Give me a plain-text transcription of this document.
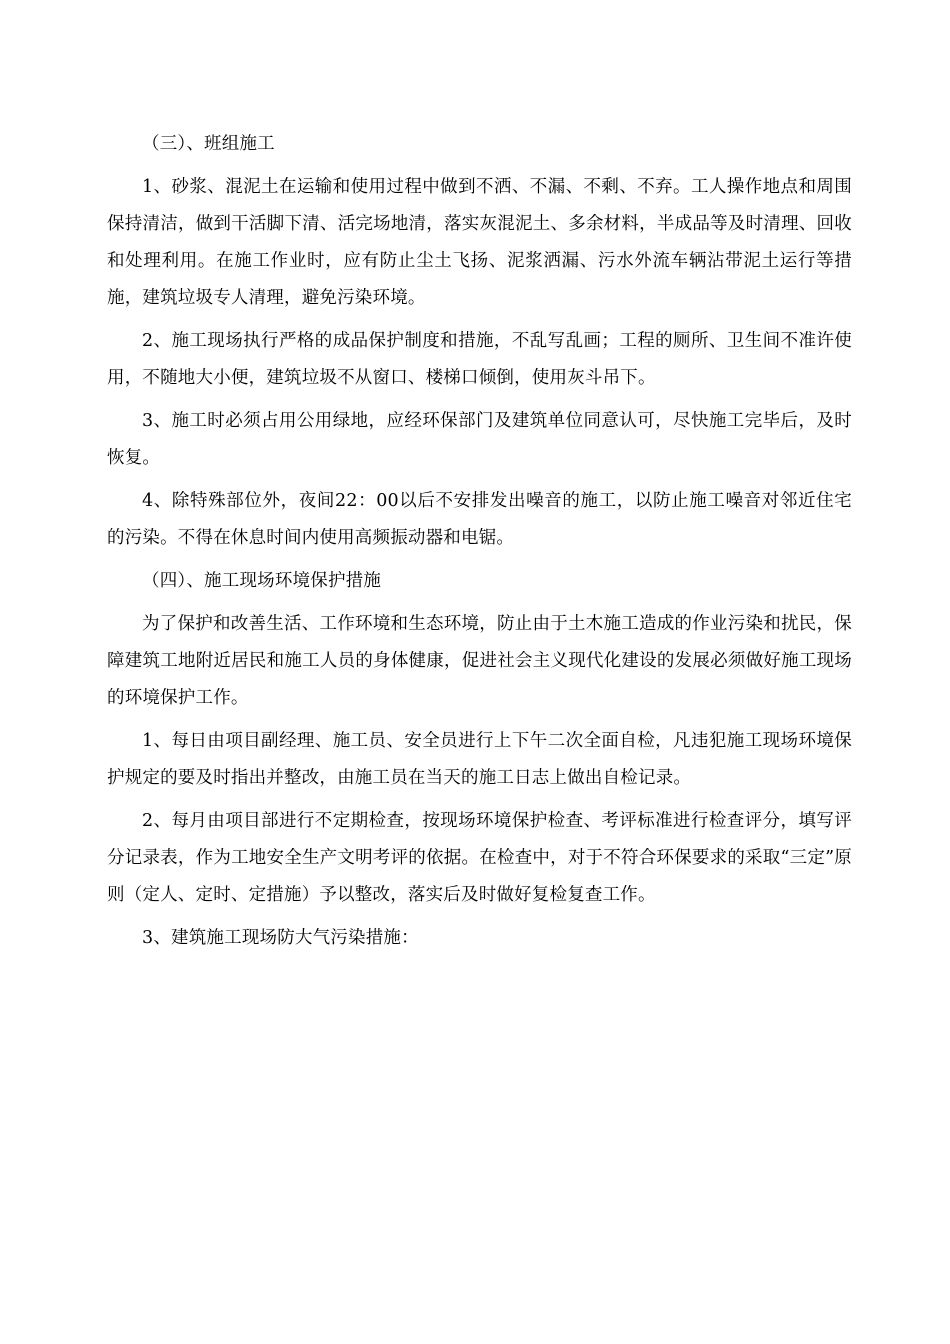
（三）、班组施工

1、砂浆、混泥土在运输和使用过程中做到不洒、不漏、不剩、不弃。工人操作地点和周围保持清洁，做到干活脚下清、活完场地清，落实灰混泥土、多余材料，半成品等及时清理、回收和处理利用。在施工作业时，应有防止尘土飞扬、泥浆洒漏、污水外流车辆沾带泥土运行等措施，建筑垃圾专人清理，避免污染环境。

2、施工现场执行严格的成品保护制度和措施，不乱写乱画；工程的厕所、卫生间不准许使用，不随地大小便，建筑垃圾不从窗口、楼梯口倾倒，使用灰斗吊下。

3、施工时必须占用公用绿地，应经环保部门及建筑单位同意认可，尽快施工完毕后，及时恢复。

4、除特殊部位外，夜间22：00以后不安排发出噪音的施工，以防止施工噪音对邻近住宅的污染。不得在休息时间内使用高频振动器和电锯。

（四）、施工现场环境保护措施

为了保护和改善生活、工作环境和生态环境，防止由于土木施工造成的作业污染和扰民，保障建筑工地附近居民和施工人员的身体健康，促进社会主义现代化建设的发展必须做好施工现场的环境保护工作。

1、每日由项目副经理、施工员、安全员进行上下午二次全面自检，凡违犯施工现场环境保护规定的要及时指出并整改，由施工员在当天的施工日志上做出自检记录。

2、每月由项目部进行不定期检查，按现场环境保护检查、考评标准进行检查评分，填写评分记录表，作为工地安全生产文明考评的依据。在检查中，对于不符合环保要求的采取“三定”原则（定人、定时、定措施）予以整改，落实后及时做好复检复查工作。

3、建筑施工现场防大气污染措施：
